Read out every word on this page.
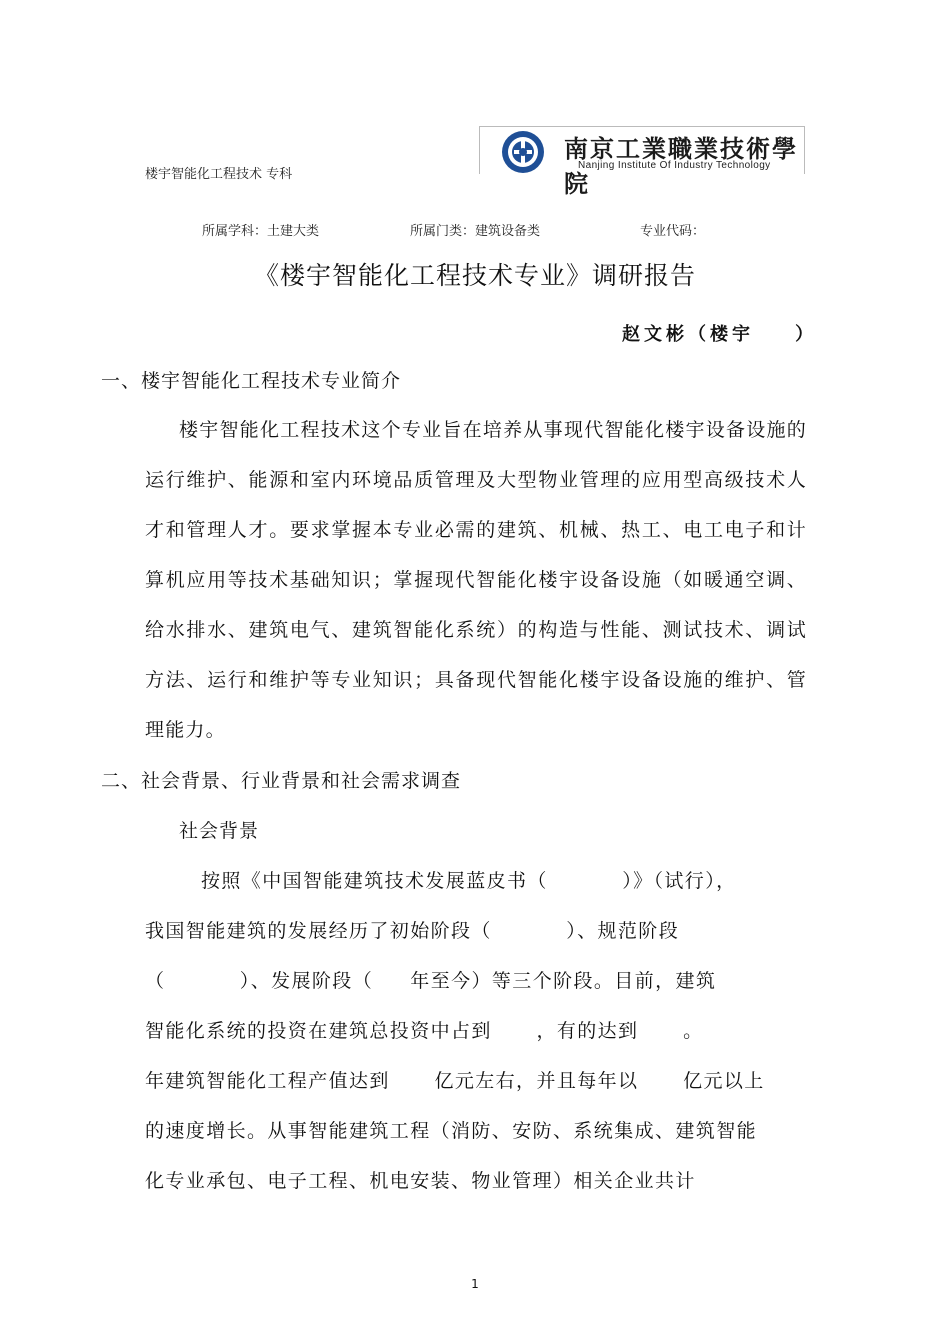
楼宇智能化工程技术 专科
南京工業職業技術學院
Nanjing Institute Of Industry Technology
所属学科：土建大类	所属门类：建筑设备类	专业代码：
《楼宇智能化工程技术专业》调研报告
赵文彬（楼宇    ）
一、楼宇智能化工程技术专业简介

楼宇智能化工程技术这个专业旨在培养从事现代智能化楼宇设备设施的运行维护、能源和室内环境品质管理及大型物业管理的应用型高级技术人才和管理人才。要求掌握本专业必需的建筑、机械、热工、电工电子和计算机应用等技术基础知识；掌握现代智能化楼宇设备设施（如暖通空调、给水排水、建筑电气、建筑智能化系统）的构造与性能、测试技术、调试方法、运行和维护等专业知识；具备现代智能化楼宇设备设施的维护、管理能力。

二、社会背景、行业背景和社会需求调查
社会背景
按照《中国智能建筑技术发展蓝皮书（          ）》（试行），
我国智能建筑的发展经历了初始阶段（          ）、规范阶段
（          ）、发展阶段（     年至今）等三个阶段。目前，建筑
智能化系统的投资在建筑总投资中占到      ，有的达到      。
年建筑智能化工程产值达到      亿元左右，并且每年以      亿元以上
的速度增长。从事智能建筑工程（消防、安防、系统集成、建筑智能
化专业承包、电子工程、机电安装、物业管理）相关企业共计
1
